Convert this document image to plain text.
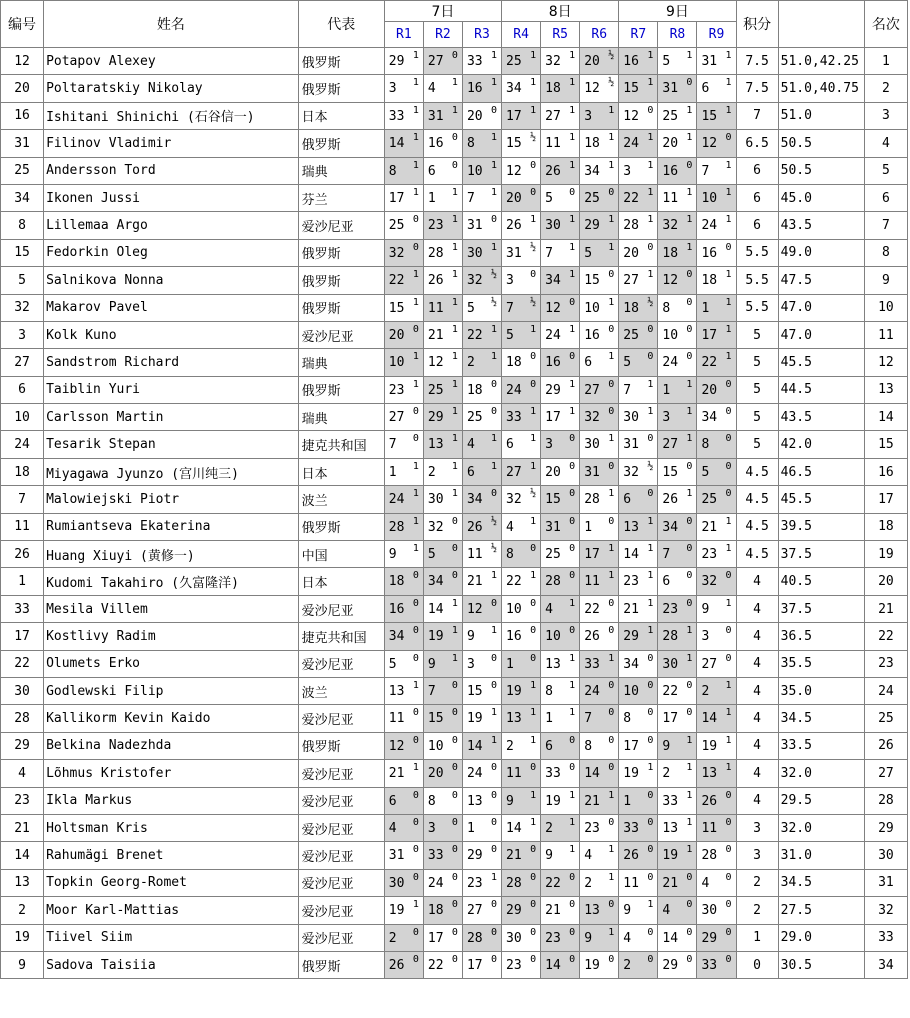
编号	姓名	代表	7日			8日			9日			积分		名次
			R1	R2	R3	R4	R5	R6	R7	R8	R9			
12	Potapov Alexey	俄罗斯	29 1	27 0	33 1	25 1	32 1	20 ½	16 1	5 1	31 1	7.5	51.0,42.25	1
20	Poltaratskiy Nikolay	俄罗斯	3 1	4 1	16 1	34 1	18 1	12 ½	15 1	31 0	6 1	7.5	51.0,40.75	2
16	Ishitani Shinichi (石谷信一)	日本	33 1	31 1	20 0	17 1	27 1	3 1	12 0	25 1	15 1	7	51.0	3
31	Filinov Vladimir	俄罗斯	14 1	16 0	8 1	15 ½	11 1	18 1	24 1	20 1	12 0	6.5	50.5	4
25	Andersson Tord	瑞典	8 1	6 0	10 1	12 0	26 1	34 1	3 1	16 0	7 1	6	50.5	5
34	Ikonen Jussi	芬兰	17 1	1 1	7 1	20 0	5 0	25 0	22 1	11 1	10 1	6	45.0	6
8	Lillemaa Argo	爱沙尼亚	25 0	23 1	31 0	26 1	30 1	29 1	28 1	32 1	24 1	6	43.5	7
15	Fedorkin Oleg	俄罗斯	32 0	28 1	30 1	31 ½	7 1	5 1	20 0	18 1	16 0	5.5	49.0	8
5	Salnikova Nonna	俄罗斯	22 1	26 1	32 ½	3 0	34 1	15 0	27 1	12 0	18 1	5.5	47.5	9
32	Makarov Pavel	俄罗斯	15 1	11 1	5 ½	7 ½	12 0	10 1	18 ½	8 0	1 1	5.5	47.0	10
3	Kolk Kuno	爱沙尼亚	20 0	21 1	22 1	5 1	24 1	16 0	25 0	10 0	17 1	5	47.0	11
27	Sandstrom Richard	瑞典	10 1	12 1	2 1	18 0	16 0	6 1	5 0	24 0	22 1	5	45.5	12
6	Taiblin Yuri	俄罗斯	23 1	25 1	18 0	24 0	29 1	27 0	7 1	1 1	20 0	5	44.5	13
10	Carlsson Martin	瑞典	27 0	29 1	25 0	33 1	17 1	32 0	30 1	3 1	34 0	5	43.5	14
24	Tesarik Stepan	捷克共和国	7 0	13 1	4 1	6 1	3 0	30 1	31 0	27 1	8 0	5	42.0	15
18	Miyagawa Jyunzo (宫川纯三)	日本	1 1	2 1	6 1	27 1	20 0	31 0	32 ½	15 0	5 0	4.5	46.5	16
7	Malowiejski Piotr	波兰	24 1	30 1	34 0	32 ½	15 0	28 1	6 0	26 1	25 0	4.5	45.5	17
11	Rumiantseva Ekaterina	俄罗斯	28 1	32 0	26 ½	4 1	31 0	1 0	13 1	34 0	21 1	4.5	39.5	18
26	Huang Xiuyi (黄修一)	中国	9 1	5 0	11 ½	8 0	25 0	17 1	14 1	7 0	23 1	4.5	37.5	19
1	Kudomi Takahiro (久富隆洋)	日本	18 0	34 0	21 1	22 1	28 0	11 1	23 1	6 0	32 0	4	40.5	20
33	Mesila Villem	爱沙尼亚	16 0	14 1	12 0	10 0	4 1	22 0	21 1	23 0	9 1	4	37.5	21
17	Kostlivy Radim	捷克共和国	34 0	19 1	9 1	16 0	10 0	26 0	29 1	28 1	3 0	4	36.5	22
22	Olumets Erko	爱沙尼亚	5 0	9 1	3 0	1 0	13 1	33 1	34 0	30 1	27 0	4	35.5	23
30	Godlewski Filip	波兰	13 1	7 0	15 0	19 1	8 1	24 0	10 0	22 0	2 1	4	35.0	24
28	Kallikorm Kevin Kaido	爱沙尼亚	11 0	15 0	19 1	13 1	1 1	7 0	8 0	17 0	14 1	4	34.5	25
29	Belkina Nadezhda	俄罗斯	12 0	10 0	14 1	2 1	6 0	8 0	17 0	9 1	19 1	4	33.5	26
4	Lõhmus Kristofer	爱沙尼亚	21 1	20 0	24 0	11 0	33 0	14 0	19 1	2 1	13 1	4	32.0	27
23	Ikla Markus	爱沙尼亚	6 0	8 0	13 0	9 1	19 1	21 1	1 0	33 1	26 0	4	29.5	28
21	Holtsman Kris	爱沙尼亚	4 0	3 0	1 0	14 1	2 1	23 0	33 0	13 1	11 0	3	32.0	29
14	Rahumägi Brenet	爱沙尼亚	31 0	33 0	29 0	21 0	9 1	4 1	26 0	19 1	28 0	3	31.0	30
13	Topkin Georg-Romet	爱沙尼亚	30 0	24 0	23 1	28 0	22 0	2 1	11 0	21 0	4 0	2	34.5	31
2	Moor Karl-Mattias	爱沙尼亚	19 1	18 0	27 0	29 0	21 0	13 0	9 1	4 0	30 0	2	27.5	32
19	Tiivel Siim	爱沙尼亚	2 0	17 0	28 0	30 0	23 0	9 1	4 0	14 0	29 0	1	29.0	33
9	Sadova Taisiia	俄罗斯	26 0	22 0	17 0	23 0	14 0	19 0	2 0	29 0	33 0	0	30.5	34
